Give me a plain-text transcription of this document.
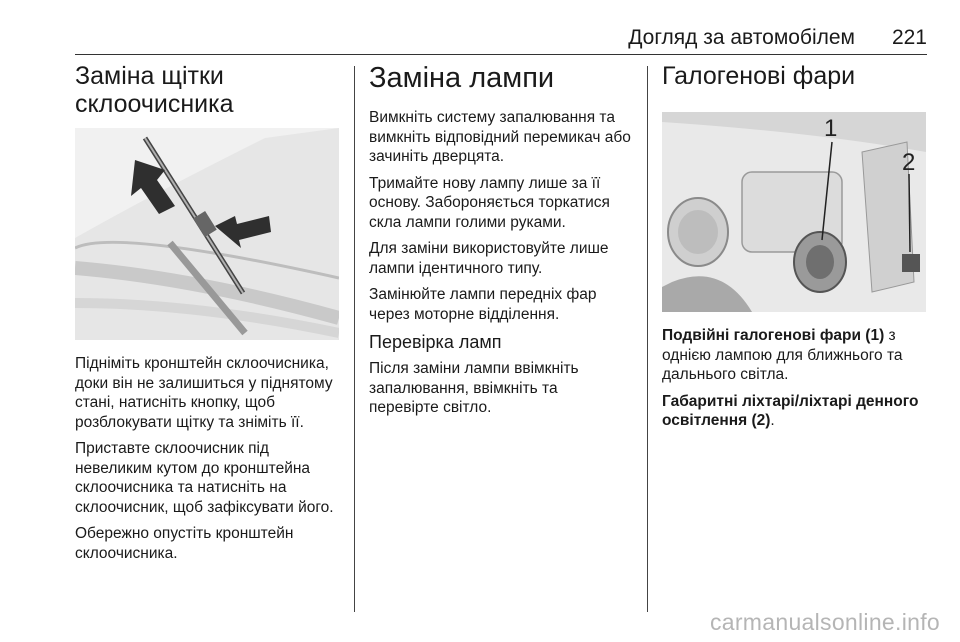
Догляд за автомобілем 221
Заміна щітки
склоочисника

Підніміть кронштейн склоочисника, доки він не залишиться у піднятому стані, натисніть кнопку, щоб розблокувати щітку та зніміть її.

Приставте склоочисник під невеликим кутом до кронштейна склоочисника та натисніть на склоочисник, щоб зафіксувати його.

Обережно опустіть кронштейн склоочисника.

Заміна лампи

Вимкніть систему запалювання та вимкніть відповідний перемикач або зачиніть дверцята.

Тримайте нову лампу лише за її основу. Забороняється торкатися скла лампи голими руками.

Для заміни використовуйте лише лампи ідентичного типу.

Замінюйте лампи передніх фар через моторне відділення.

Перевірка ламп

Після заміни лампи ввімкніть запалювання, ввімкніть та перевірте світло.

Галогенові фари
1
2

Подвійні галогенові фари (1) з однією лампою для ближнього та дальнього світла.

Габаритні ліхтарі/ліхтарі денного освітлення (2).

carmanualsonline.info
